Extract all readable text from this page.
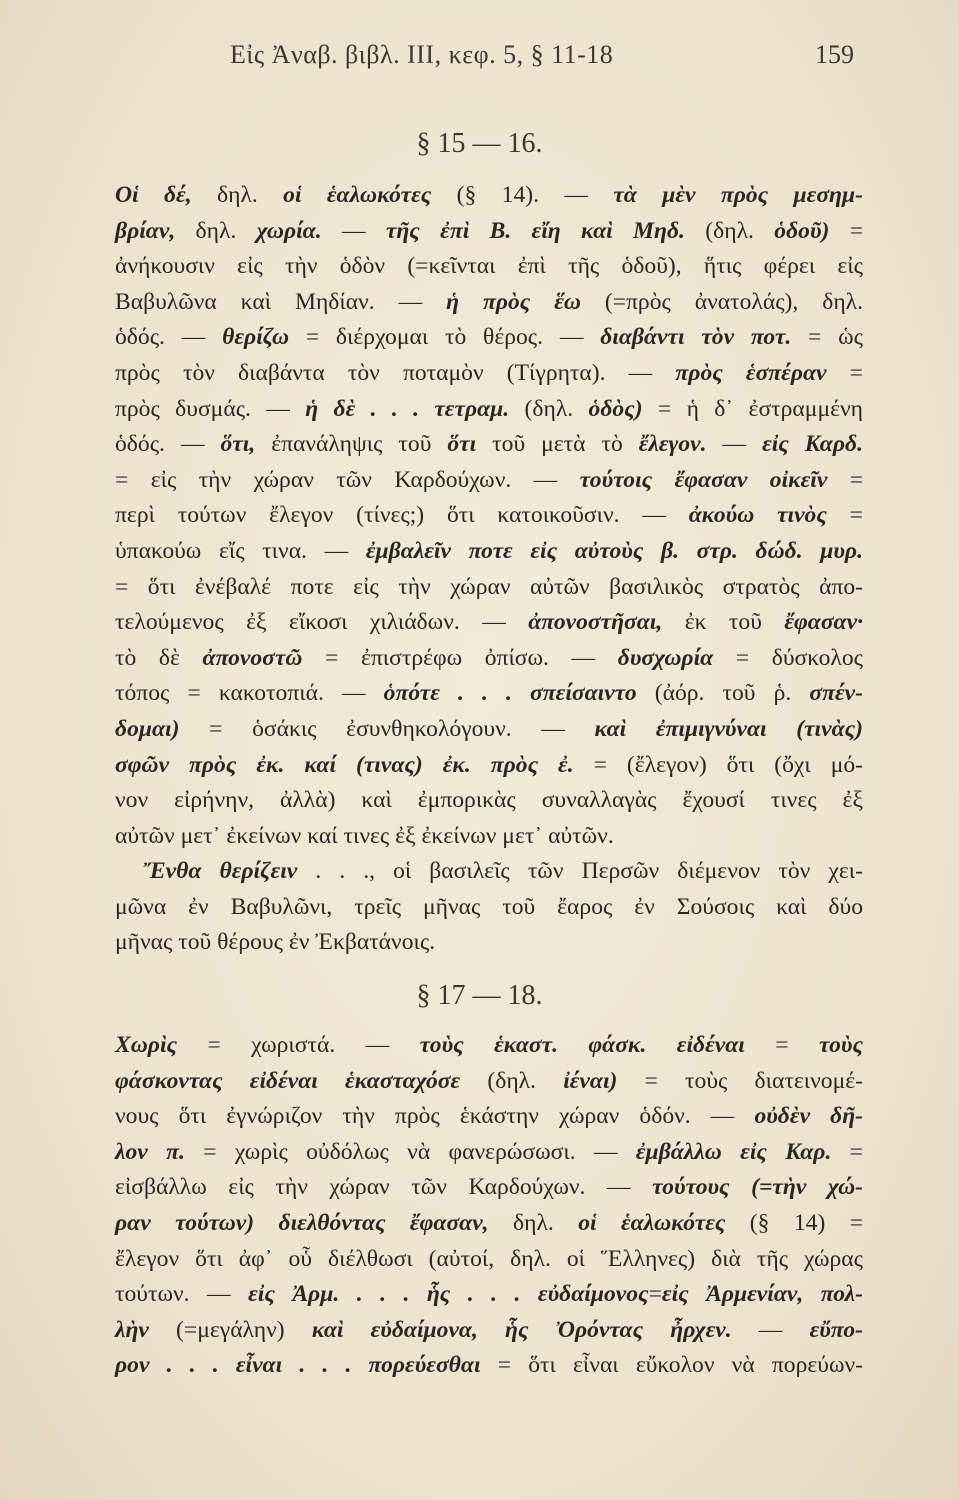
Εἰς Ἀναβ. βιβλ. ΙΙΙ, κεφ. 5, § 11-18	159
§ 15 — 16.

Οἱ δέ, δηλ. οἱ ἑαλωκότες (§ 14). — τὰ μὲν πρὸς μεσημ-

βρίαν, δηλ. χωρία. — τῆς ἐπὶ Β. εἴη καὶ Μηδ. (δηλ. ὁδοῦ) =

ἀνήκουσιν εἰς τὴν ὁδὸν (=κεῖνται ἐπὶ τῆς ὁδοῦ), ἥτις φέρει εἰς

Βαβυλῶνα καὶ Μηδίαν. — ἡ πρὸς ἕω (=πρὸς ἀνατολάς), δηλ.

ὁδός. — θερίζω = διέρχομαι τὸ θέρος. — διαβάντι τὸν ποτ. = ὡς

πρὸς τὸν διαβάντα τὸν ποταμὸν (Τίγρητα). — πρὸς ἑσπέραν =

πρὸς δυσμάς. — ἡ δὲ . . . τετραμ. (δηλ. ὁδὸς) = ἡ δ᾽ ἐστραμμένη

ὁδός. — ὅτι, ἐπανάληψις τοῦ ὅτι τοῦ μετὰ τὸ ἔλεγον. — εἰς Καρδ.

= εἰς τὴν χώραν τῶν Καρδούχων. — τούτοις ἔφασαν οἰκεῖν =

περὶ τούτων ἔλεγον (τίνες;) ὅτι κατοικοῦσιν. — ἀκούω τινὸς =

ὑπακούω εἴς τινα. — ἐμβαλεῖν ποτε εἰς αὐτοὺς β. στρ. δώδ. μυρ.

= ὅτι ἐνέβαλέ ποτε εἰς τὴν χώραν αὐτῶν βασιλικὸς στρατὸς ἀπο-

τελούμενος ἐξ εἴκοσι χιλιάδων. — ἀπονοστῆσαι, ἐκ τοῦ ἔφασαν·

τὸ δὲ ἀπονοστῶ = ἐπιστρέφω ὀπίσω. — δυσχωρία = δύσκολος

τόπος = κακοτοπιά. — ὁπότε . . . σπείσαιντο (ἀόρ. τοῦ ῥ. σπέν-

δομαι) = ὁσάκις ἐσυνθηκολόγουν. — καὶ ἐπιμιγνύναι (τινὰς)

σφῶν πρὸς ἐκ. καί (τινας) ἐκ. πρὸς ἐ. = (ἔλεγον) ὅτι (ὄχι μό-

νον εἰρήνην, ἀλλὰ) καὶ ἐμπορικὰς συναλλαγὰς ἔχουσί τινες ἐξ

αὐτῶν μετ᾽ ἐκείνων καί τινες ἐξ ἐκείνων μετ᾽ αὐτῶν.

Ἔνθα θερίζειν . . ., οἱ βασιλεῖς τῶν Περσῶν διέμενον τὸν χει-

μῶνα ἐν Βαβυλῶνι, τρεῖς μῆνας τοῦ ἔαρος ἐν Σούσοις καὶ δύο

μῆνας τοῦ θέρους ἐν Ἐκβατάνοις.

§ 17 — 18.

Χωρὶς = χωριστά. — τοὺς ἑκαστ. φάσκ. εἰδέναι = τοὺς

φάσκοντας εἰδέναι ἑκασταχόσε (δηλ. ἰέναι) = τοὺς διατεινομέ-

νους ὅτι ἐγνώριζον τὴν πρὸς ἑκάστην χώραν ὁδόν. — οὐδὲν δῆ-

λον π. = χωρὶς οὐδόλως νὰ φανερώσωσι. — ἐμβάλλω εἰς Καρ. =

εἰσβάλλω εἰς τὴν χώραν τῶν Καρδούχων. — τούτους (=τὴν χώ-

ραν τούτων) διελθόντας ἔφασαν, δηλ. οἱ ἑαλωκότες (§ 14) =

ἔλεγον ὅτι ἀφ᾽ οὗ διέλθωσι (αὐτοί, δηλ. οἱ Ἕλληνες) διὰ τῆς χώρας

τούτων. — εἰς Ἀρμ. . . . ἧς . . . εὐδαίμονος=εἰς Ἀρμενίαν, πολ-

λὴν (=μεγάλην) καὶ εὐδαίμονα, ἧς Ὀρόντας ἦρχεν. — εὔπο-

ρον . . . εἶναι . . . πορεύεσθαι = ὅτι εἶναι εὔκολον νὰ πορεύων-
